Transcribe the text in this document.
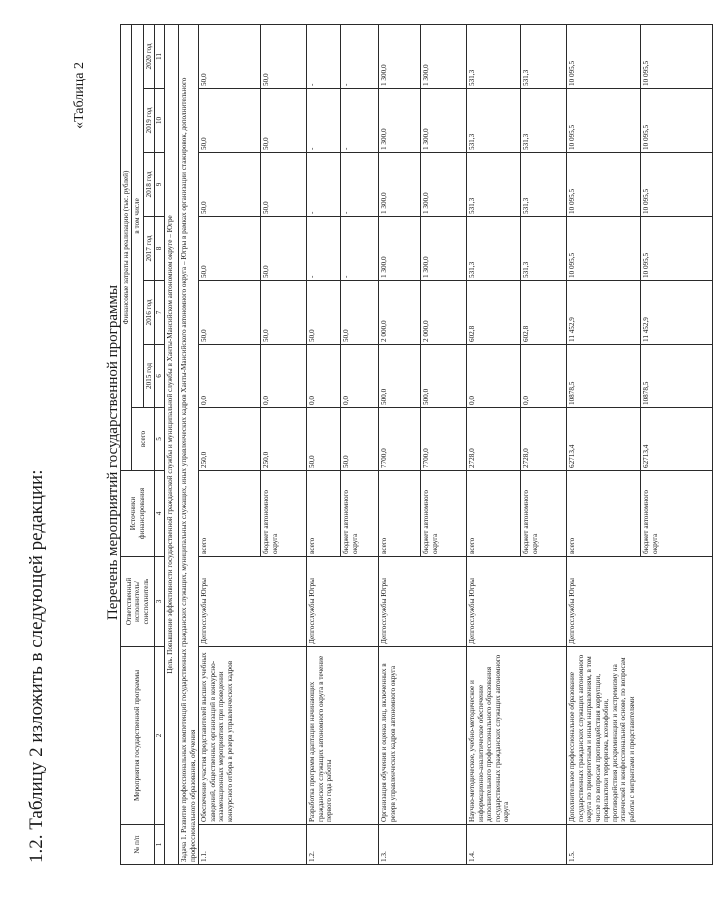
1.2. Таблицу 2 изложить в следующей редакции:
«Таблица 2
Перечень мероприятий государственной программы
№ п/п	Мероприятия государственной программы	Ответственный исполнитель/ соисполнитель	Источники финансирования	Финансовые затраты на реализацию (тыс. рублей)						
				всего	в том числе					
					2015 год	2016 год	2017 год	2018 год	2019 год	2020 год
1	2	3	4	5	6	7	8	9	10	11
Цель. Повышение эффективности государственной гражданской службы и муниципальной службы в Ханты-Мансийском автономном округе – Югре										
Задача 1. Развитие профессиональных компетенций государственных гражданских служащих, муниципальных служащих, иных управленческих кадров Ханты-Мансийского автономного округа – Югры в рамках организации стажировок, дополнительного профессионального образования, обучения										
1.1.	Обеспечение участия представителей высших учебных заведений, общественных организаций в конкурсно-экзаменационных мероприятиях при проведении конкурсного отбора в резерв управленческих кадров	Депгосслужбы Югры	всего	250,0	0,0	50,0	50,0	50,0	50,0	50,0
			бюджет автономного округа	250,0	0,0	50,0	50,0	50,0	50,0	50,0
1.2.	Разработка программ адаптации начинающих гражданских служащих автономного округа в течение первого года работы	Депгосслужбы Югры	всего	50,0	0,0	50,0	-	-	-	-
			бюджет автономного округа	50,0	0,0	50,0	-	-	-	-
1.3.	Организация обучения и оценка лиц, включенных в резерв управленческих кадров автономного округа	Депгосслужбы Югры	всего	7700,0	500,0	2 000,0	1 300,0	1 300,0	1 300,0	1 300,0
			бюджет автономного округа	7700,0	500,0	2 000,0	1 300,0	1 300,0	1 300,0	1 300,0
1.4.	Научно-методическое, учебно-методическое и информационно-аналитическое обеспечение дополнительного профессионального образования государственных гражданских служащих автономного округа	Депгосслужбы Югры	всего	2728,0	0,0	602,8	531,3	531,3	531,3	531,3
			бюджет автономного округа	2728,0	0,0	602,8	531,3	531,3	531,3	531,3
1.5.	Дополнительное профессиональное образование государственных гражданских служащих автономного округа по приоритетным и иным направлениям, в том числе по вопросам противодействия коррупции, профилактики терроризма, ксенофобии, противодействия дискриминации и экстремизму на этнической и конфессиональной основе, по вопросам работы с мигрантами и представителями	Депгосслужбы Югры	всего	62713,4	10878,5	11 452,9	10 095,5	10 095,5	10 095,5	10 095,5
			бюджет автономного округа	62713,4	10878,5	11 452,9	10 095,5	10 095,5	10 095,5	10 095,5
